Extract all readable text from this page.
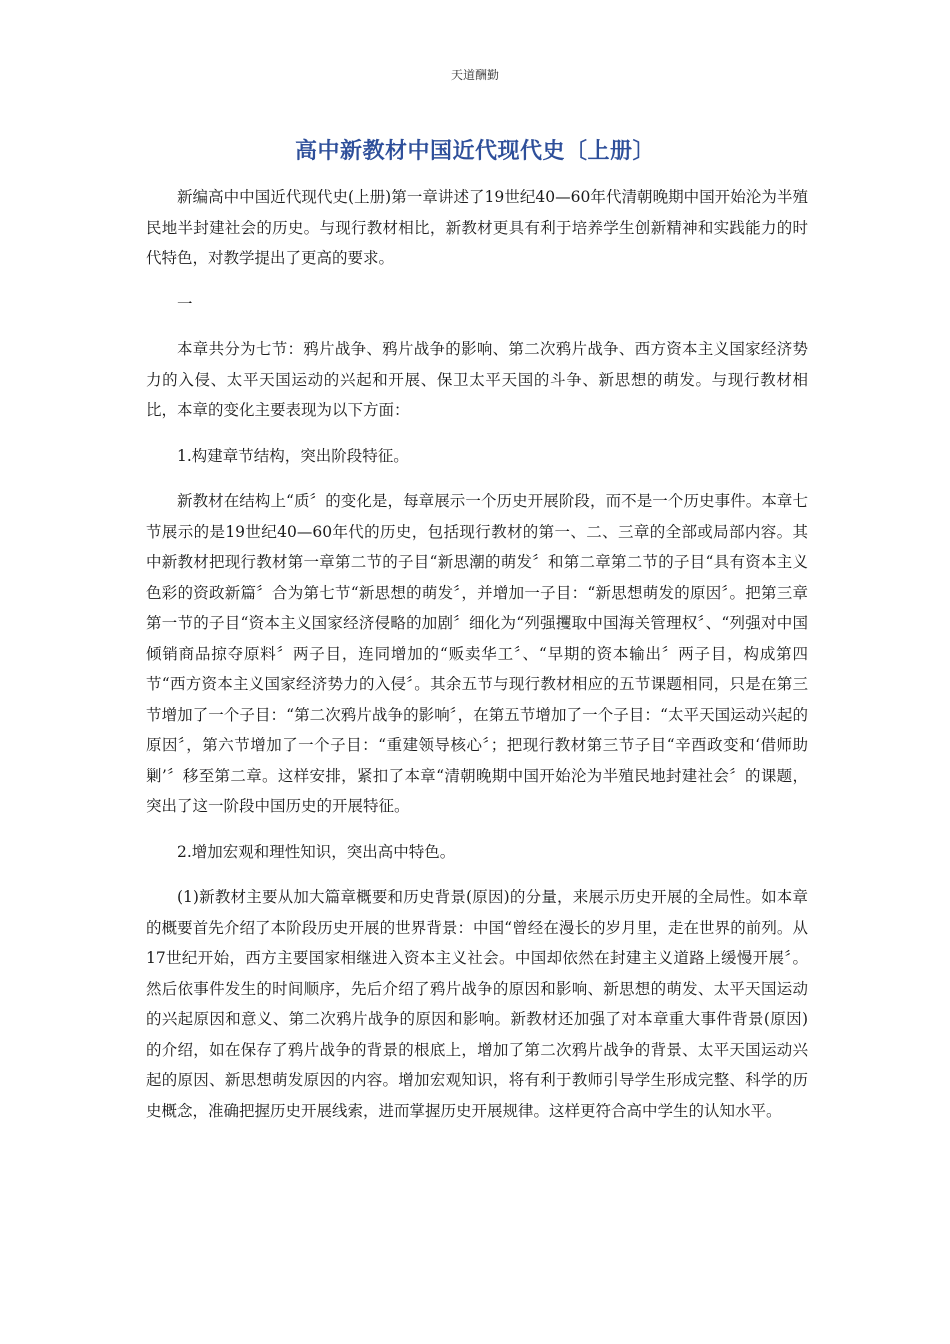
天道酬勤
高中新教材中国近代现代史〔上册〕

新编高中中国近代现代史(上册)第一章讲述了19世纪40—60年代清朝晚期中国开始沦为半殖民地半封建社会的历史。与现行教材相比，新教材更具有利于培养学生创新精神和实践能力的时代特色，对教学提出了更高的要求。

一

本章共分为七节：鸦片战争、鸦片战争的影响、第二次鸦片战争、西方资本主义国家经济势力的入侵、太平天国运动的兴起和开展、保卫太平天国的斗争、新思想的萌发。与现行教材相比，本章的变化主要表现为以下方面：

1.构建章节结构，突出阶段特征。

新教材在结构上“质〞的变化是，每章展示一个历史开展阶段，而不是一个历史事件。本章七节展示的是19世纪40—60年代的历史，包括现行教材的第一、二、三章的全部或局部内容。其中新教材把现行教材第一章第二节的子目“新思潮的萌发〞和第二章第二节的子目“具有资本主义色彩的资政新篇〞合为第七节“新思想的萌发〞，并增加一子目：“新思想萌发的原因〞。把第三章第一节的子目“资本主义国家经济侵略的加剧〞细化为“列强攫取中国海关管理权〞、“列强对中国倾销商品掠夺原料〞两子目，连同增加的“贩卖华工〞、“早期的资本输出〞两子目，构成第四节“西方资本主义国家经济势力的入侵〞。其余五节与现行教材相应的五节课题相同，只是在第三节增加了一个子目：“第二次鸦片战争的影响〞，在第五节增加了一个子目：“太平天国运动兴起的原因〞，第六节增加了一个子目：“重建领导核心〞；把现行教材第三节子目“辛酉政变和‘借师助剿’〞移至第二章。这样安排，紧扣了本章“清朝晚期中国开始沦为半殖民地封建社会〞的课题，突出了这一阶段中国历史的开展特征。

2.增加宏观和理性知识，突出高中特色。

(1)新教材主要从加大篇章概要和历史背景(原因)的分量，来展示历史开展的全局性。如本章的概要首先介绍了本阶段历史开展的世界背景：中国“曾经在漫长的岁月里，走在世界的前列。从17世纪开始，西方主要国家相继进入资本主义社会。中国却依然在封建主义道路上缓慢开展〞。然后依事件发生的时间顺序，先后介绍了鸦片战争的原因和影响、新思想的萌发、太平天国运动的兴起原因和意义、第二次鸦片战争的原因和影响。新教材还加强了对本章重大事件背景(原因)的介绍，如在保存了鸦片战争的背景的根底上，增加了第二次鸦片战争的背景、太平天国运动兴起的原因、新思想萌发原因的内容。增加宏观知识，将有利于教师引导学生形成完整、科学的历史概念，准确把握历史开展线索，进而掌握历史开展规律。这样更符合高中学生的认知水平。
